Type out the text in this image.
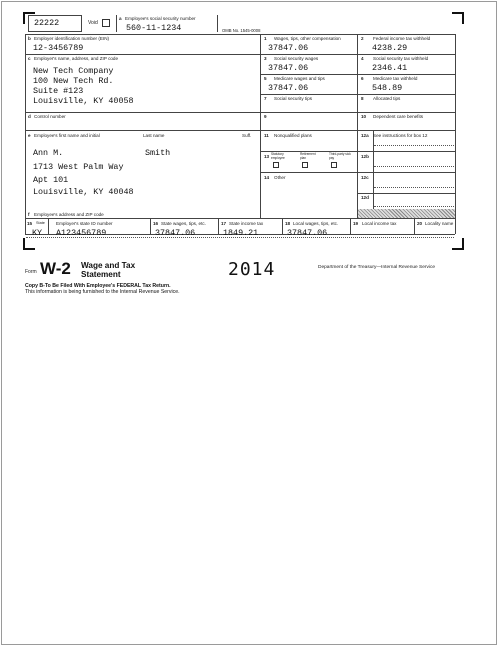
22222	Void
a Employee's social security number
560-11-1234	OMB No. 1545-0008
b Employer identification number (EIN)
12-3456789
c Employer's name, address, and ZIP code
New Tech Company
100 New Tech Rd.
Suite #123
Louisville, KY 40058
d Control number
e Employee's first name and initial	Last name	Suff.
Ann M.	Smith
1713 West Palm Way
Apt 101
Louisville, KY 40048
f Employee's address and ZIP code
1 Wages, tips, other compensation
37847.06
2 Federal income tax withheld
4238.29
3 Social security wages
37847.06
4 Social security tax withheld
2346.41
5 Medicare wages and tips
37847.06
6 Medicare tax withheld
548.89
7 Social security tips	8 Allocated tips
9	10 Dependent care benefits
11 Nonqualified plans	12a See instructions for box 12
13 Statutory employee
Retirement plan
Third-party sick pay	12b
12c
12d
14 Other
15 State Employer's state ID number	16 State wages, tips, etc.	17 State income tax	18 Local wages, tips, etc.	19 Local income tax	20 Locality name
KY A123456789	37847.06	1849.21	37847.06
Form W-2 Wage and Tax
Statement	2014	Department of the Treasury—Internal Revenue Service
Copy B-To Be Filed With Employee's FEDERAL Tax Return.
This information is being furnished to the Internal Revenue Service.
